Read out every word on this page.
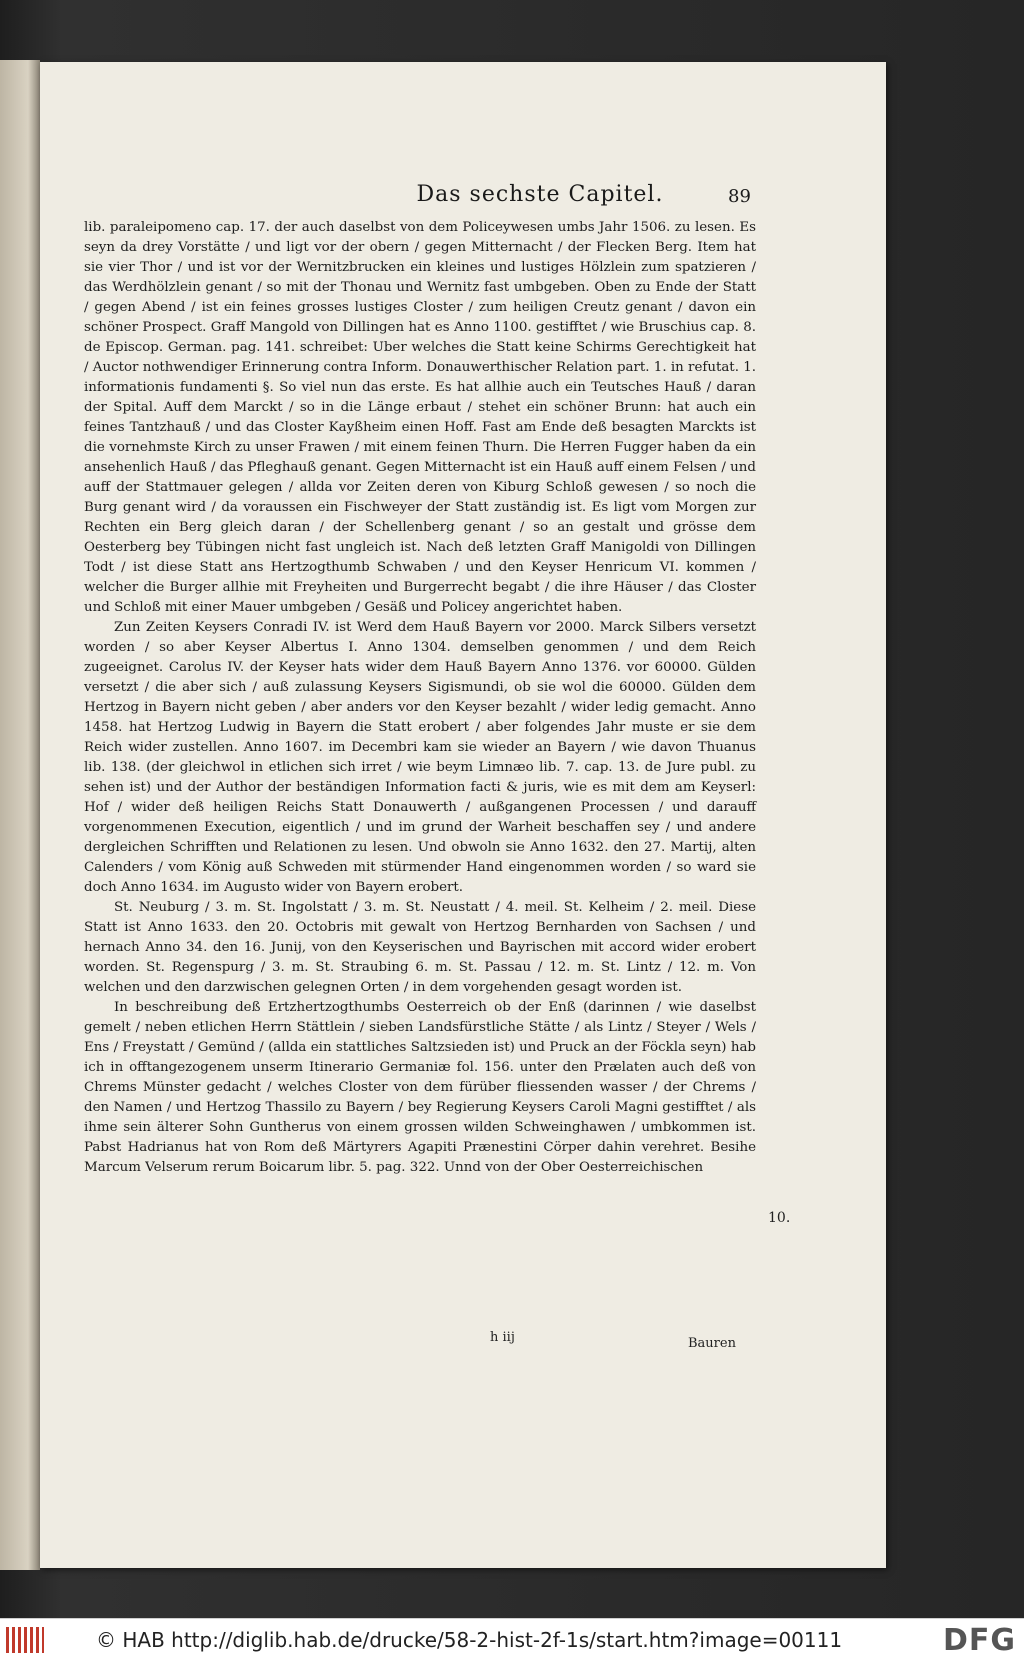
Das sechste Capitel.	89

lib. paraleipomeno cap. 17. der auch daselbst von dem Policeywesen umbs Jahr 1506. zu lesen. Es seyn da drey Vorstätte / und ligt vor der obern / gegen Mitternacht / der Flecken Berg. Item hat sie vier Thor / und ist vor der Wernitzbrucken ein kleines und lustiges Hölzlein zum spatzieren / das Werdhölzlein genant / so mit der Thonau und Wernitz fast umbgeben. Oben zu Ende der Statt / gegen Abend / ist ein feines grosses lustiges Closter / zum heiligen Creutz genant / davon ein schöner Prospect. Graff Mangold von Dillingen hat es Anno 1100. gestifftet / wie Bruschius cap. 8. de Episcop. German. pag. 141. schreibet: Uber welches die Statt keine Schirms Gerechtigkeit hat / Auctor nothwendiger Erinnerung contra Inform. Donauwerthischer Relation part. 1. in refutat. 1. informationis fundamenti §. So viel nun das erste. Es hat allhie auch ein Teutsches Hauß / daran der Spital. Auff dem Marckt / so in die Länge erbaut / stehet ein schöner Brunn: hat auch ein feines Tantzhauß / und das Closter Kayßheim einen Hoff. Fast am Ende deß besagten Marckts ist die vornehmste Kirch zu unser Frawen / mit einem feinen Thurn. Die Herren Fugger haben da ein ansehenlich Hauß / das Pfleghauß genant. Gegen Mitternacht ist ein Hauß auff einem Felsen / und auff der Stattmauer gelegen / allda vor Zeiten deren von Kiburg Schloß gewesen / so noch die Burg genant wird / da voraussen ein Fischweyer der Statt zuständig ist. Es ligt vom Morgen zur Rechten ein Berg gleich daran / der Schellenberg genant / so an gestalt und grösse dem Oesterberg bey Tübingen nicht fast ungleich ist. Nach deß letzten Graff Manigoldi von Dillingen Todt / ist diese Statt ans Hertzogthumb Schwaben / und den Keyser Henricum VI. kommen / welcher die Burger allhie mit Freyheiten und Burgerrecht begabt / die ihre Häuser / das Closter und Schloß mit einer Mauer umbgeben / Gesäß und Policey angerichtet haben.

Zun Zeiten Keysers Conradi IV. ist Werd dem Hauß Bayern vor 2000. Marck Silbers versetzt worden / so aber Keyser Albertus I. Anno 1304. demselben genommen / und dem Reich zugeeignet. Carolus IV. der Keyser hats wider dem Hauß Bayern Anno 1376. vor 60000. Gülden versetzt / die aber sich / auß zulassung Keysers Sigismundi, ob sie wol die 60000. Gülden dem Hertzog in Bayern nicht geben / aber anders vor den Keyser bezahlt / wider ledig gemacht. Anno 1458. hat Hertzog Ludwig in Bayern die Statt erobert / aber folgendes Jahr muste er sie dem Reich wider zustellen. Anno 1607. im Decembri kam sie wieder an Bayern / wie davon Thuanus lib. 138. (der gleichwol in etlichen sich irret / wie beym Limnæo lib. 7. cap. 13. de Jure publ. zu sehen ist) und der Author der beständigen Information facti & juris, wie es mit dem am Keyserl: Hof / wider deß heiligen Reichs Statt Donauwerth / außgangenen Processen / und darauff vorgenommenen Execution, eigentlich / und im grund der Warheit beschaffen sey / und andere dergleichen Schrifften und Relationen zu lesen. Und obwoln sie Anno 1632. den 27. Martij, alten Calenders / vom König auß Schweden mit stürmender Hand eingenommen worden / so ward sie doch Anno 1634. im Augusto wider von Bayern erobert.

St. Neuburg / 3. m. St. Ingolstatt / 3. m. St. Neustatt / 4. meil. St. Kelheim / 2. meil. Diese Statt ist Anno 1633. den 20. Octobris mit gewalt von Hertzog Bernharden von Sachsen / und hernach Anno 34. den 16. Junij, von den Keyserischen und Bayrischen mit accord wider erobert worden. St. Regenspurg / 3. m. St. Straubing 6. m. St. Passau / 12. m. St. Lintz / 12. m. Von welchen und den darzwischen gelegnen Orten / in dem vorgehenden gesagt worden ist.

In beschreibung deß Ertzhertzogthumbs Oesterreich ob der Enß (darinnen / wie daselbst gemelt / neben etlichen Herrn Stättlein / sieben Landsfürstliche Stätte / als Lintz / Steyer / Wels / Ens / Freystatt / Gemünd / (allda ein stattliches Saltzsieden ist) und Pruck an der Föckla seyn) hab ich in offtangezogenem unserm Itinerario Germaniæ fol. 156. unter den Prælaten auch deß von Chrems Münster gedacht / welches Closter von dem fürüber fliessenden wasser / der Chrems / den Namen / und Hertzog Thassilo zu Bayern / bey Regierung Keysers Caroli Magni gestifftet / als ihme sein älterer Sohn Guntherus von einem grossen wilden Schweinghawen / umbkommen ist. Pabst Hadrianus hat von Rom deß Märtyrers Agapiti Prænestini Cörper dahin verehret. Besihe Marcum Velserum rerum Boicarum libr. 5. pag. 322. Unnd von der Ober Oesterreichischen

10.
h iij	Bauren
© HAB http://diglib.hab.de/drucke/58-2-hist-2f-1s/start.htm?image=00111	DFG
